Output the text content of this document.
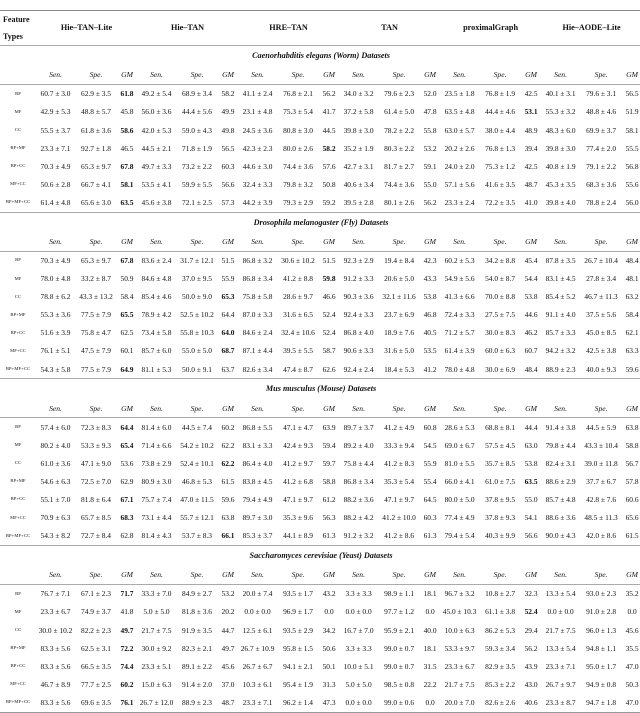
Feature	Hie–TAN–Lite			Hie–TAN			HRE–TAN			TAN			proximalGraph			Hie–AODE–Lite		
Types																		
Caenorhabditis elegans (Worm) Datasets																		
	Sen.	Spe.	GM	Sen.	Spe.	GM	Sen.	Spe.	GM	Sen.	Spe.	GM	Sen.	Spe.	GM	Sen.	Spe.	GM
BP	60.7 ± 3.0	62.9 ± 3.5	61.8	49.2 ± 5.4	68.9 ± 3.4	58.2	41.1 ± 2.4	76.8 ± 2.1	56.2	34.0 ± 3.2	79.6 ± 2.3	52.0	23.5 ± 1.8	76.8 ± 1.9	42.5	40.1 ± 3.1	79.6 ± 3.1	56.5
MF	42.9 ± 5.3	48.8 ± 5.7	45.8	56.0 ± 3.6	44.4 ± 5.6	49.9	23.1 ± 4.8	75.3 ± 5.4	41.7	37.2 ± 5.8	61.4 ± 5.0	47.8	63.5 ± 4.8	44.4 ± 4.6	53.1	55.3 ± 3.2	48.8 ± 4.6	51.9
CC	55.5 ± 3.7	61.8 ± 3.6	58.6	42.0 ± 5.3	59.0 ± 4.3	49.8	24.5 ± 3.6	80.8 ± 3.0	44.5	39.8 ± 3.0	78.2 ± 2.2	55.8	63.0 ± 5.7	38.0 ± 4.4	48.9	48.3 ± 6.0	69.9 ± 3.7	58.1
BP+MF	23.3 ± 7.1	92.7 ± 1.8	46.5	44.5 ± 2.1	71.8 ± 1.9	56.5	42.3 ± 2.3	80.0 ± 2.6	58.2	35.2 ± 1.9	80.3 ± 2.2	53.2	20.2 ± 2.6	76.8 ± 1.3	39.4	39.8 ± 3.0	77.4 ± 2.0	55.5
BP+CC	70.3 ± 4.9	65.3 ± 9.7	67.8	49.7 ± 3.3	73.2 ± 2.2	60.3	44.6 ± 3.0	74.4 ± 3.6	57.6	42.7 ± 3.1	81.7 ± 2.7	59.1	24.0 ± 2.0	75.3 ± 1.2	42.5	40.8 ± 1.9	79.1 ± 2.2	56.8
MF+CC	50.6 ± 2.8	66.7 ± 4.1	58.1	53.5 ± 4.1	59.9 ± 5.5	56.6	32.4 ± 3.3	79.8 ± 3.2	50.8	40.6 ± 3.4	74.4 ± 3.6	55.0	57.1 ± 5.6	41.6 ± 3.5	48.7	45.3 ± 3.5	68.3 ± 3.6	55.6
BP+MF+CC	61.4 ± 4.8	65.6 ± 3.0	63.5	45.6 ± 3.8	72.1 ± 2.5	57.3	44.2 ± 3.9	79.3 ± 2.9	59.2	39.5 ± 2.8	80.1 ± 2.6	56.2	23.3 ± 2.4	72.2 ± 3.5	41.0	39.8 ± 4.0	78.8 ± 2.4	56.0
Drosophila melanogaster (Fly) Datasets																		
	Sen.	Spe.	GM	Sen.	Spe.	GM	Sen.	Spe.	GM	Sen.	Spe.	GM	Sen.	Spe.	GM	Sen.	Spe.	GM
BP	70.3 ± 4.9	65.3 ± 9.7	67.8	83.6 ± 2.4	31.7 ± 12.1	51.5	86.8 ± 3.2	30.6 ± 10.2	51.5	92.3 ± 2.9	19.4 ± 8.4	42.3	60.2 ± 5.3	34.2 ± 8.8	45.4	87.8 ± 3.5	26.7 ± 10.4	48.4
MF	78.0 ± 4.8	33.2 ± 8.7	50.9	84.6 ± 4.8	37.0 ± 9.5	55.9	86.8 ± 3.4	41.2 ± 8.8	59.8	91.2 ± 3.3	20.6 ± 5.0	43.3	54.9 ± 5.6	54.0 ± 8.7	54.4	83.1 ± 4.5	27.8 ± 3.4	48.1
CC	78.8 ± 6.2	43.3 ± 13.2	58.4	85.4 ± 4.6	50.0 ± 9.0	65.3	75.8 ± 5.8	28.6 ± 9.7	46.6	90.3 ± 3.6	32.1 ± 11.6	53.8	41.3 ± 6.6	70.0 ± 8.8	53.8	85.4 ± 5.2	46.7 ± 11.3	63.2
BP+MF	55.3 ± 3.6	77.5 ± 7.9	65.5	78.9 ± 4.2	52.5 ± 10.2	64.4	87.0 ± 3.3	31.6 ± 6.5	52.4	92.4 ± 3.3	23.7 ± 6.9	46.8	72.4 ± 3.3	27.5 ± 7.5	44.6	91.1 ± 4.0	37.5 ± 5.6	58.4
BP+CC	51.6 ± 3.9	75.8 ± 4.7	62.5	73.4 ± 5.8	55.8 ± 10.3	64.0	84.6 ± 2.4	32.4 ± 10.6	52.4	86.8 ± 4.0	18.9 ± 7.6	40.5	71.2 ± 5.7	30.0 ± 8.3	46.2	85.7 ± 3.3	45.0 ± 8.5	62.1
MF+CC	76.1 ± 5.1	47.5 ± 7.9	60.1	85.7 ± 6.0	55.0 ± 5.0	68.7	87.1 ± 4.4	39.5 ± 5.5	58.7	90.6 ± 3.3	31.6 ± 5.0	53.5	61.4 ± 3.9	60.0 ± 6.3	60.7	94.2 ± 3.2	42.5 ± 3.8	63.3
BP+MF+CC	54.3 ± 5.8	77.5 ± 7.9	64.9	81.1 ± 5.3	50.0 ± 9.1	63.7	82.6 ± 3.4	47.4 ± 8.7	62.6	92.4 ± 2.4	18.4 ± 5.3	41.2	78.0 ± 4.8	30.0 ± 6.9	48.4	88.9 ± 2.3	40.0 ± 9.3	59.6
Mus musculus (Mouse) Datasets																		
	Sen.	Spe.	GM	Sen.	Spe.	GM	Sen.	Spe.	GM	Sen.	Spe.	GM	Sen.	Spe.	GM	Sen.	Spe.	GM
BP	57.4 ± 6.0	72.3 ± 8.3	64.4	81.4 ± 6.0	44.5 ± 7.4	60.2	86.8 ± 5.5	47.1 ± 4.7	63.9	89.7 ± 3.7	41.2 ± 4.9	60.8	28.6 ± 5.3	68.8 ± 8.1	44.4	91.4 ± 3.8	44.5 ± 5.9	63.8
MF	80.2 ± 4.0	53.3 ± 9.3	65.4	71.4 ± 6.6	54.2 ± 10.2	62.2	83.1 ± 3.3	42.4 ± 9.3	59.4	89.2 ± 4.0	33.3 ± 9.4	54.5	69.0 ± 6.7	57.5 ± 4.5	63.0	79.8 ± 4.4	43.3 ± 10.4	58.8
CC	61.0 ± 3.6	47.1 ± 9.0	53.6	73.8 ± 2.9	52.4 ± 10.1	62.2	86.4 ± 4.0	41.2 ± 9.7	59.7	75.8 ± 4.4	41.2 ± 8.3	55.9	81.0 ± 5.5	35.7 ± 8.5	53.8	82.4 ± 3.1	39.0 ± 11.8	56.7
BP+MF	54.6 ± 6.3	72.5 ± 7.0	62.9	80.9 ± 3.0	46.8 ± 5.3	61.5	83.8 ± 4.5	41.2 ± 6.8	58.8	86.8 ± 3.4	35.3 ± 5.4	55.4	66.0 ± 4.1	61.0 ± 7.5	63.5	88.6 ± 2.9	37.7 ± 6.7	57.8
BP+CC	55.1 ± 7.0	81.8 ± 6.4	67.1	75.7 ± 7.4	47.0 ± 11.5	59.6	79.4 ± 4.9	47.1 ± 9.7	61.2	88.2 ± 3.6	47.1 ± 9.7	64.5	80.0 ± 5.0	37.8 ± 9.5	55.0	85.7 ± 4.8	42.8 ± 7.6	60.6
MF+CC	70.9 ± 6.3	65.7 ± 8.5	68.3	73.1 ± 4.4	55.7 ± 12.1	63.8	89.7 ± 3.0	35.3 ± 9.6	56.3	88.2 ± 4.2	41.2 ± 10.0	60.3	77.4 ± 4.9	37.8 ± 9.3	54.1	88.6 ± 3.6	48.5 ± 11.3	65.6
BP+MF+CC	54.3 ± 8.2	72.7 ± 8.4	62.8	81.4 ± 4.3	53.7 ± 8.3	66.1	85.3 ± 3.7	44.1 ± 8.9	61.3	91.2 ± 3.2	41.2 ± 8.6	61.3	79.4 ± 5.4	40.3 ± 9.9	56.6	90.0 ± 4.3	42.0 ± 8.6	61.5
Saccharomyces cerevisiae (Yeast) Datasets																		
	Sen.	Spe.	GM	Sen.	Spe.	GM	Sen.	Spe.	GM	Sen.	Spe.	GM	Sen.	Spe.	GM	Sen.	Spe.	GM
BP	76.7 ± 7.1	67.1 ± 2.3	71.7	33.3 ± 7.0	84.9 ± 2.7	53.2	20.0 ± 7.4	93.5 ± 1.7	43.2	3.3 ± 3.3	98.9 ± 1.1	18.1	96.7 ± 3.2	10.8 ± 2.7	32.3	13.3 ± 5.4	93.0 ± 2.3	35.2
MF	23.3 ± 6.7	74.9 ± 3.7	41.8	5.0 ± 5.0	81.8 ± 3.6	20.2	0.0 ± 0.0	96.9 ± 1.7	0.0	0.0 ± 0.0	97.7 ± 1.2	0.0	45.0 ± 10.3	61.1 ± 3.8	52.4	0.0 ± 0.0	91.0 ± 2.8	0.0
CC	30.0 ± 10.2	82.2 ± 2.3	49.7	21.7 ± 7.5	91.9 ± 3.5	44.7	12.5 ± 6.1	93.5 ± 2.9	34.2	16.7 ± 7.0	95.9 ± 2.1	40.0	10.0 ± 6.3	86.2 ± 5.3	29.4	21.7 ± 7.5	96.0 ± 1.3	45.6
BP+MF	83.3 ± 5.6	62.5 ± 3.1	72.2	30.0 ± 9.2	82.3 ± 2.1	49.7	26.7 ± 10.9	95.8 ± 1.5	50.6	3.3 ± 3.3	99.0 ± 0.7	18.1	53.3 ± 9.7	59.3 ± 3.4	56.2	13.3 ± 5.4	94.8 ± 1.1	35.5
BP+CC	83.3 ± 5.6	66.5 ± 3.5	74.4	23.3 ± 5.1	89.1 ± 2.2	45.6	26.7 ± 6.7	94.1 ± 2.1	50.1	10.0 ± 5.1	99.0 ± 0.7	31.5	23.3 ± 6.7	82.9 ± 3.5	43.9	23.3 ± 7.1	95.0 ± 1.7	47.0
MF+CC	46.7 ± 8.9	77.7 ± 2.5	60.2	15.0 ± 6.3	91.4 ± 2.0	37.0	10.3 ± 6.1	95.4 ± 1.9	31.3	5.0 ± 5.0	98.5 ± 0.8	22.2	21.7 ± 7.5	85.3 ± 2.2	43.0	26.7 ± 9.7	94.9 ± 0.8	50.3
BP+MF+CC	83.3 ± 5.6	69.6 ± 3.5	76.1	26.7 ± 12.0	88.9 ± 2.3	48.7	23.3 ± 7.1	96.2 ± 1.4	47.3	0.0 ± 0.0	99.0 ± 0.6	0.0	20.0 ± 7.0	82.6 ± 2.6	40.6	23.3 ± 8.7	94.7 ± 1.8	47.0
